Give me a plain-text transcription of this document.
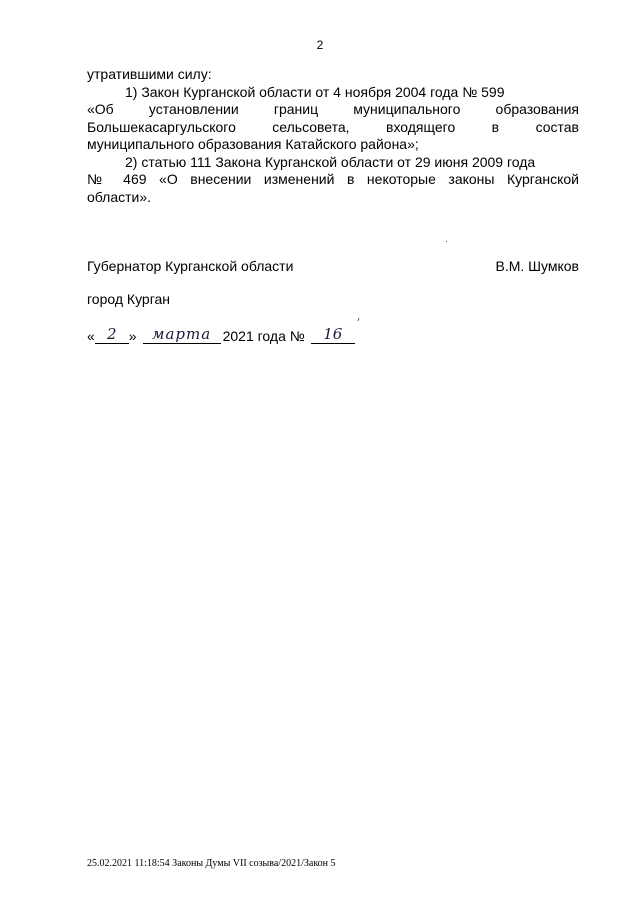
2

утратившими силу:

1) Закон Курганской области от 4 ноября 2004 года № 599

«Об установлении границ муниципального образования

Большекасаргульского сельсовета, входящего в состав

муниципального образования Катайского района»;

2) статью 111 Закона Курганской области от 29 июня 2009 года

№ 469 «О внесении изменений в некоторые законы Курганской

области».

Губернатор Курганской области	В.М. Шумков
город Курган
« 2 »	марта 2021 года №	16
25.02.2021 11:18:54 Законы Думы VII созыва/2021/Закон 5
